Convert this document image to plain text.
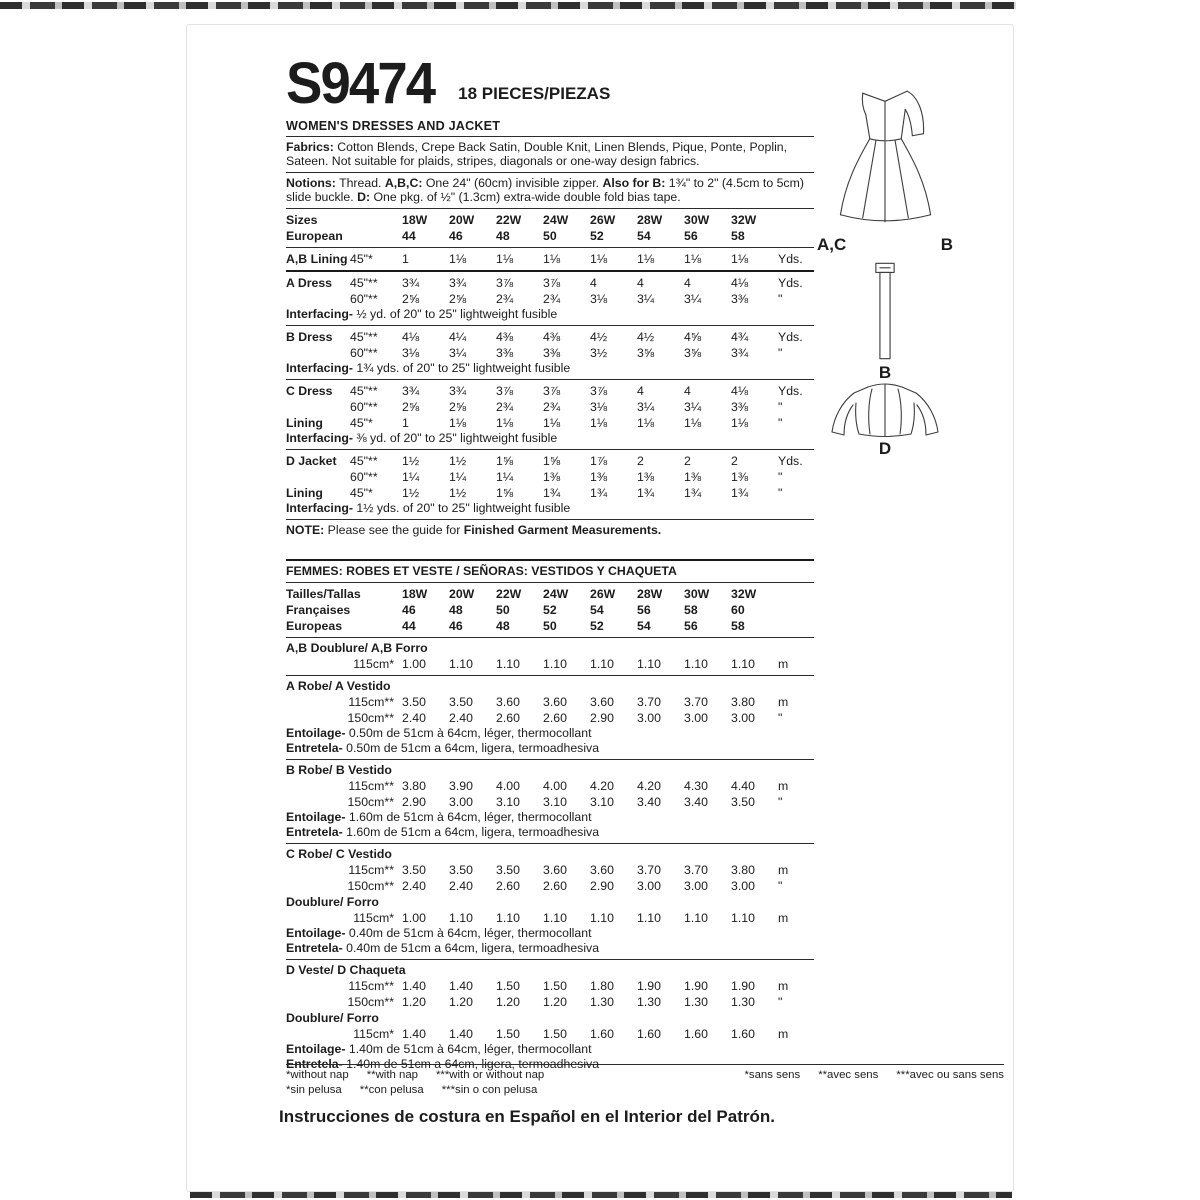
S9474 18 PIECES/PIEZAS
WOMEN'S DRESSES AND JACKET
Fabrics: Cotton Blends, Crepe Back Satin, Double Knit, Linen Blends, Pique, Ponte, Poplin, Sateen. Not suitable for plaids, stripes, diagonals or one-way design fabrics.
Notions: Thread. A,B,C: One 24" (60cm) invisible zipper. Also for B: 1¾" to 2" (4.5cm to 5cm) slide buckle. D: One pkg. of ½" (1.3cm) extra-wide double fold bias tape.
Sizes	18W	20W	22W	24W	26W	28W	30W	32W
European	44	46	48	50	52	54	56	58
A,B Lining 45"*	1	1⅛	1⅛	1⅛	1⅛	1⅛	1⅛	1⅛	Yds.
A Dress	45"**	3¾	3¾	3⅞	3⅞	4	4	4	4⅛	Yds.
60"**	2⅝	2⅝	2¾	2¾	3⅛	3¼	3¼	3⅜	"
Interfacing- ½ yd. of 20" to 25" lightweight fusible
B Dress	45"**	4⅛	4¼	4⅜	4⅜	4½	4½	4⅝	4¾	Yds.
60"**	3⅛	3¼	3⅜	3⅜	3½	3⅝	3⅝	3¾	"
Interfacing- 1¾ yds. of 20" to 25" lightweight fusible
C Dress	45"**	3¾	3¾	3⅞	3⅞	3⅞	4	4	4⅛	Yds.
60"**	2⅝	2⅝	2¾	2¾	3⅛	3¼	3¼	3⅜	"
Lining	45"*	1	1⅛	1⅛	1⅛	1⅛	1⅛	1⅛	1⅛	"
Interfacing- ⅜ yd. of 20" to 25" lightweight fusible
D Jacket	45"**	1½	1½	1⅝	1⅝	1⅞	2	2	2	Yds.
60"**	1¼	1¼	1¼	1⅜	1⅜	1⅜	1⅜	1⅜	"
Lining	45"*	1½	1½	1⅝	1¾	1¾	1¾	1¾	1¾	"
Interfacing- 1½ yds. of 20" to 25" lightweight fusible
NOTE: Please see the guide for Finished Garment Measurements.
FEMMES: ROBES ET VESTE / SEÑORAS: VESTIDOS Y CHAQUETA
Tailles/Tallas	18W	20W	22W	24W	26W	28W	30W	32W
Françaises	46	48	50	52	54	56	58	60
Europeas	44	46	48	50	52	54	56	58
A,B Doublure/ A,B Forro
115cm* 1.00	1.10	1.10	1.10	1.10	1.10	1.10	1.10	m
A Robe/ A Vestido
115cm** 3.50	3.50	3.60	3.60	3.60	3.70	3.70	3.80	m
150cm** 2.40	2.40	2.60	2.60	2.90	3.00	3.00	3.00	"
Entoilage- 0.50m de 51cm à 64cm, léger, thermocollant
Entretela- 0.50m de 51cm a 64cm, ligera, termoadhesiva
B Robe/ B Vestido
115cm** 3.80	3.90	4.00	4.00	4.20	4.20	4.30	4.40	m
150cm** 2.90	3.00	3.10	3.10	3.10	3.40	3.40	3.50	"
Entoilage- 1.60m de 51cm à 64cm, léger, thermocollant
Entretela- 1.60m de 51cm a 64cm, ligera, termoadhesiva
C Robe/ C Vestido
115cm** 3.50	3.50	3.50	3.60	3.60	3.70	3.70	3.80	m
150cm** 2.40	2.40	2.60	2.60	2.90	3.00	3.00	3.00	"
Doublure/ Forro
115cm* 1.00	1.10	1.10	1.10	1.10	1.10	1.10	1.10	m
Entoilage- 0.40m de 51cm à 64cm, léger, thermocollant
Entretela- 0.40m de 51cm a 64cm, ligera, termoadhesiva
D Veste/ D Chaqueta
115cm** 1.40	1.40	1.50	1.50	1.80	1.90	1.90	1.90	m
150cm** 1.20	1.20	1.20	1.20	1.30	1.30	1.30	1.30	"
Doublure/ Forro
115cm* 1.40	1.40	1.50	1.50	1.60	1.60	1.60	1.60	m
Entoilage- 1.40m de 51cm à 64cm, léger, thermocollant
Entretela- 1.40m de 51cm a 64cm, ligera, termoadhesiva
A,C	B
B
D
*without nap **with nap ***with or without nap	*sans sens **avec sens ***avec ou sans sens
*sin pelusa **con pelusa ***sin o con pelusa
Instrucciones de costura en Español en el Interior del Patrón.
